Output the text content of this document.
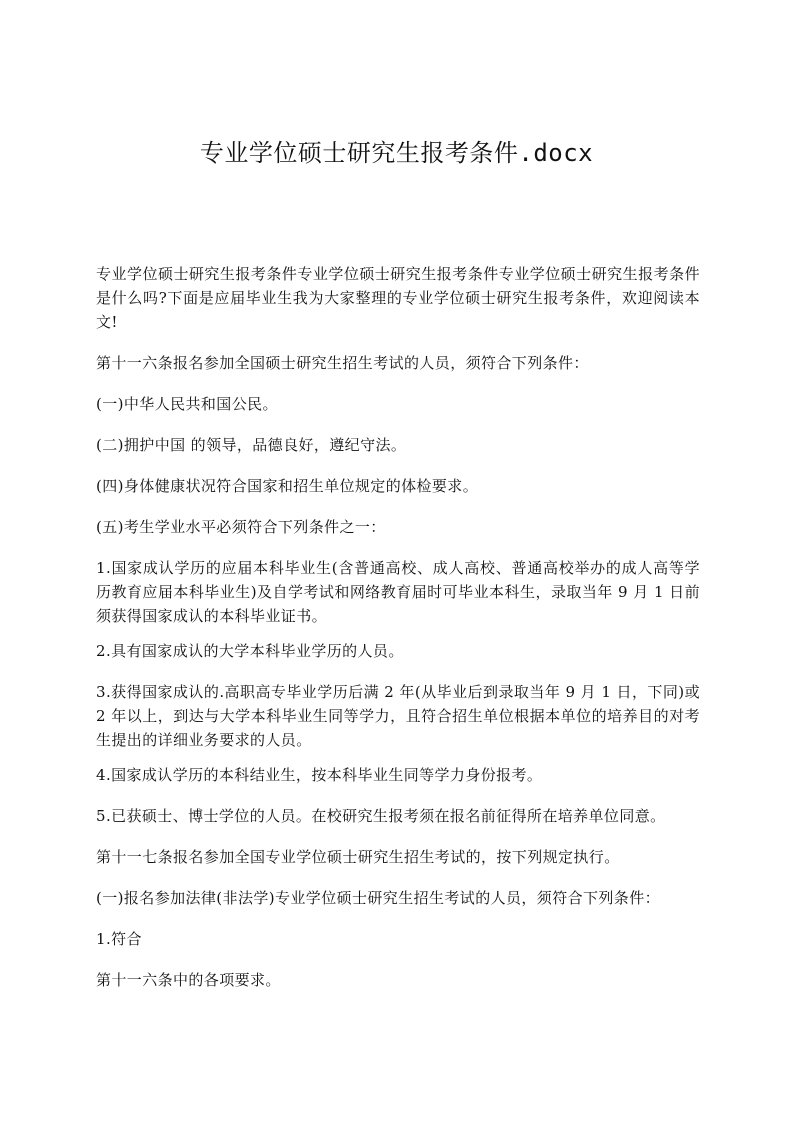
专业学位硕士研究生报考条件.docx

专业学位硕士研究生报考条件专业学位硕士研究生报考条件专业学位硕士研究生报考条件是什么吗?下面是应届毕业生我为大家整理的专业学位硕士研究生报考条件，欢迎阅读本文!

第十一六条报名参加全国硕士研究生招生考试的人员，须符合下列条件：

(一)中华人民共和国公民。

(二)拥护中国 的领导，品德良好，遵纪守法。

(四)身体健康状况符合国家和招生单位规定的体检要求。

(五)考生学业水平必须符合下列条件之一：

1.国家成认学历的应届本科毕业生(含普通高校、成人高校、普通高校举办的成人高等学历教育应届本科毕业生)及自学考试和网络教育届时可毕业本科生，录取当年 9 月 1 日前须获得国家成认的本科毕业证书。

2.具有国家成认的大学本科毕业学历的人员。

3.获得国家成认的.高职高专毕业学历后满 2 年(从毕业后到录取当年 9 月 1 日，下同)或 2 年以上，到达与大学本科毕业生同等学力，且符合招生单位根据本单位的培养目的对考生提出的详细业务要求的人员。

4.国家成认学历的本科结业生，按本科毕业生同等学力身份报考。

5.已获硕士、博士学位的人员。在校研究生报考须在报名前征得所在培养单位同意。

第十一七条报名参加全国专业学位硕士研究生招生考试的，按下列规定执行。

(一)报名参加法律(非法学)专业学位硕士研究生招生考试的人员，须符合下列条件：

1.符合

第十一六条中的各项要求。
